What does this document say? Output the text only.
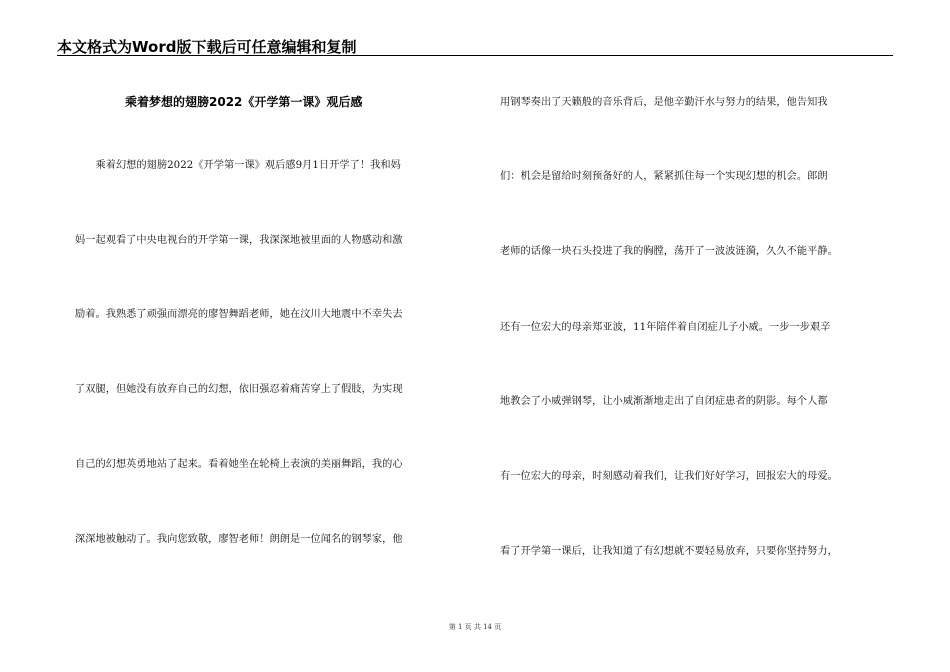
本文格式为Word版下载后可任意编辑和复制
乘着梦想的翅膀2022《开学第一课》观后感
　　乘着幻想的翅膀2022《开学第一课》观后感9月1日开学了！我和妈
妈一起观看了中央电视台的开学第一课，我深深地被里面的人物感动和激
励着。我熟悉了顽强而漂亮的廖智舞蹈老师，她在汶川大地震中不幸失去
了双腿，但她没有放弃自己的幻想，依旧强忍着痛苦穿上了假肢，为实现
自己的幻想英勇地站了起来。看着她坐在轮椅上表演的美丽舞蹈，我的心
深深地被触动了。我向您致敬，廖智老师！朗朗是一位闻名的钢琴家，他
用钢琴奏出了天籁般的音乐背后，是他辛勤汗水与努力的结果，他告知我
们：机会是留给时刻预备好的人，紧紧抓住每一个实现幻想的机会。郎朗
老师的话像一块石头投进了我的胸膛，荡开了一波波涟漪，久久不能平静。
还有一位宏大的母亲郑亚波，11年陪伴着自闭症儿子小威。一步一步艰辛
地教会了小威弹钢琴，让小威渐渐地走出了自闭症患者的阴影。每个人都
有一位宏大的母亲，时刻感动着我们，让我们好好学习，回报宏大的母爱。
看了开学第一课后，让我知道了有幻想就不要轻易放弃，只要你坚持努力，
第 1 页 共 14 页
